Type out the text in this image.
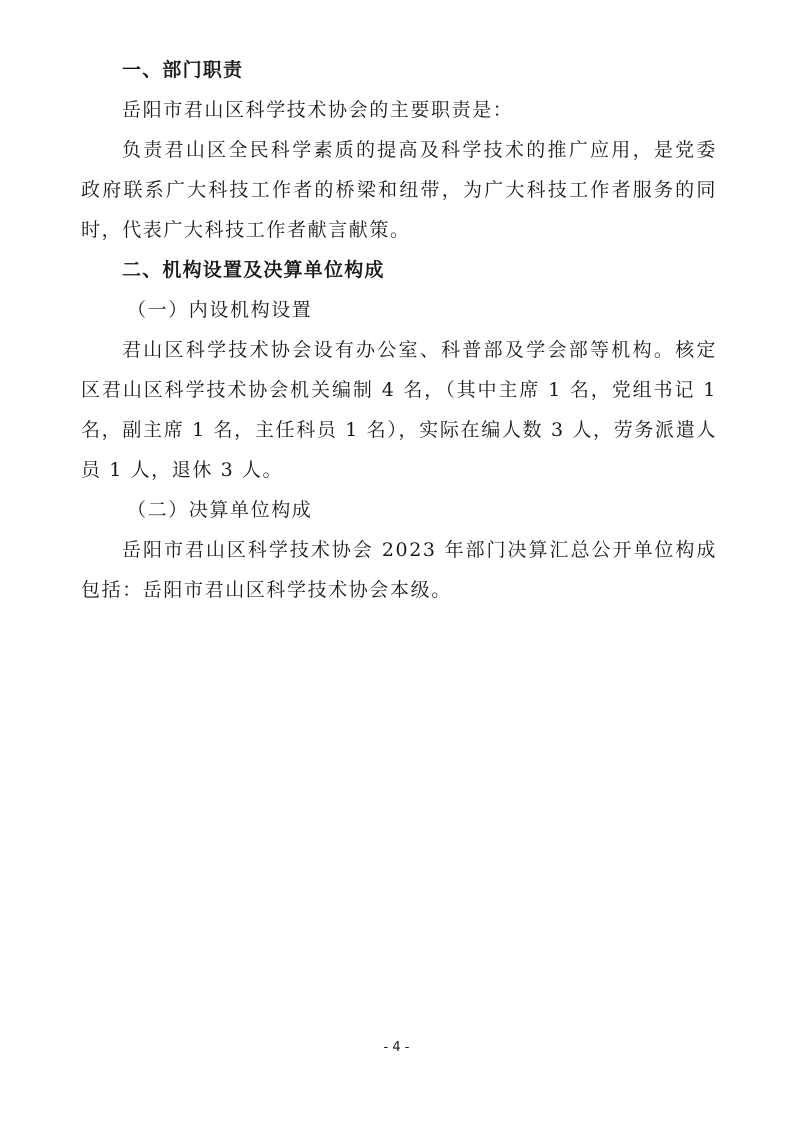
一、部门职责

岳阳市君山区科学技术协会的主要职责是：

负责君山区全民科学素质的提高及科学技术的推广应用，是党委政府联系广大科技工作者的桥梁和纽带，为广大科技工作者服务的同时，代表广大科技工作者献言献策。

二、机构设置及决算单位构成

（一）内设机构设置

君山区科学技术协会设有办公室、科普部及学会部等机构。核定区君山区科学技术协会机关编制 4 名，（其中主席 1 名，党组书记 1 名，副主席 1 名，主任科员 1 名），实际在编人数 3 人，劳务派遣人员 1 人，退休 3 人。

（二）决算单位构成

岳阳市君山区科学技术协会 2023 年部门决算汇总公开单位构成包括：岳阳市君山区科学技术协会本级。

- 4 -
